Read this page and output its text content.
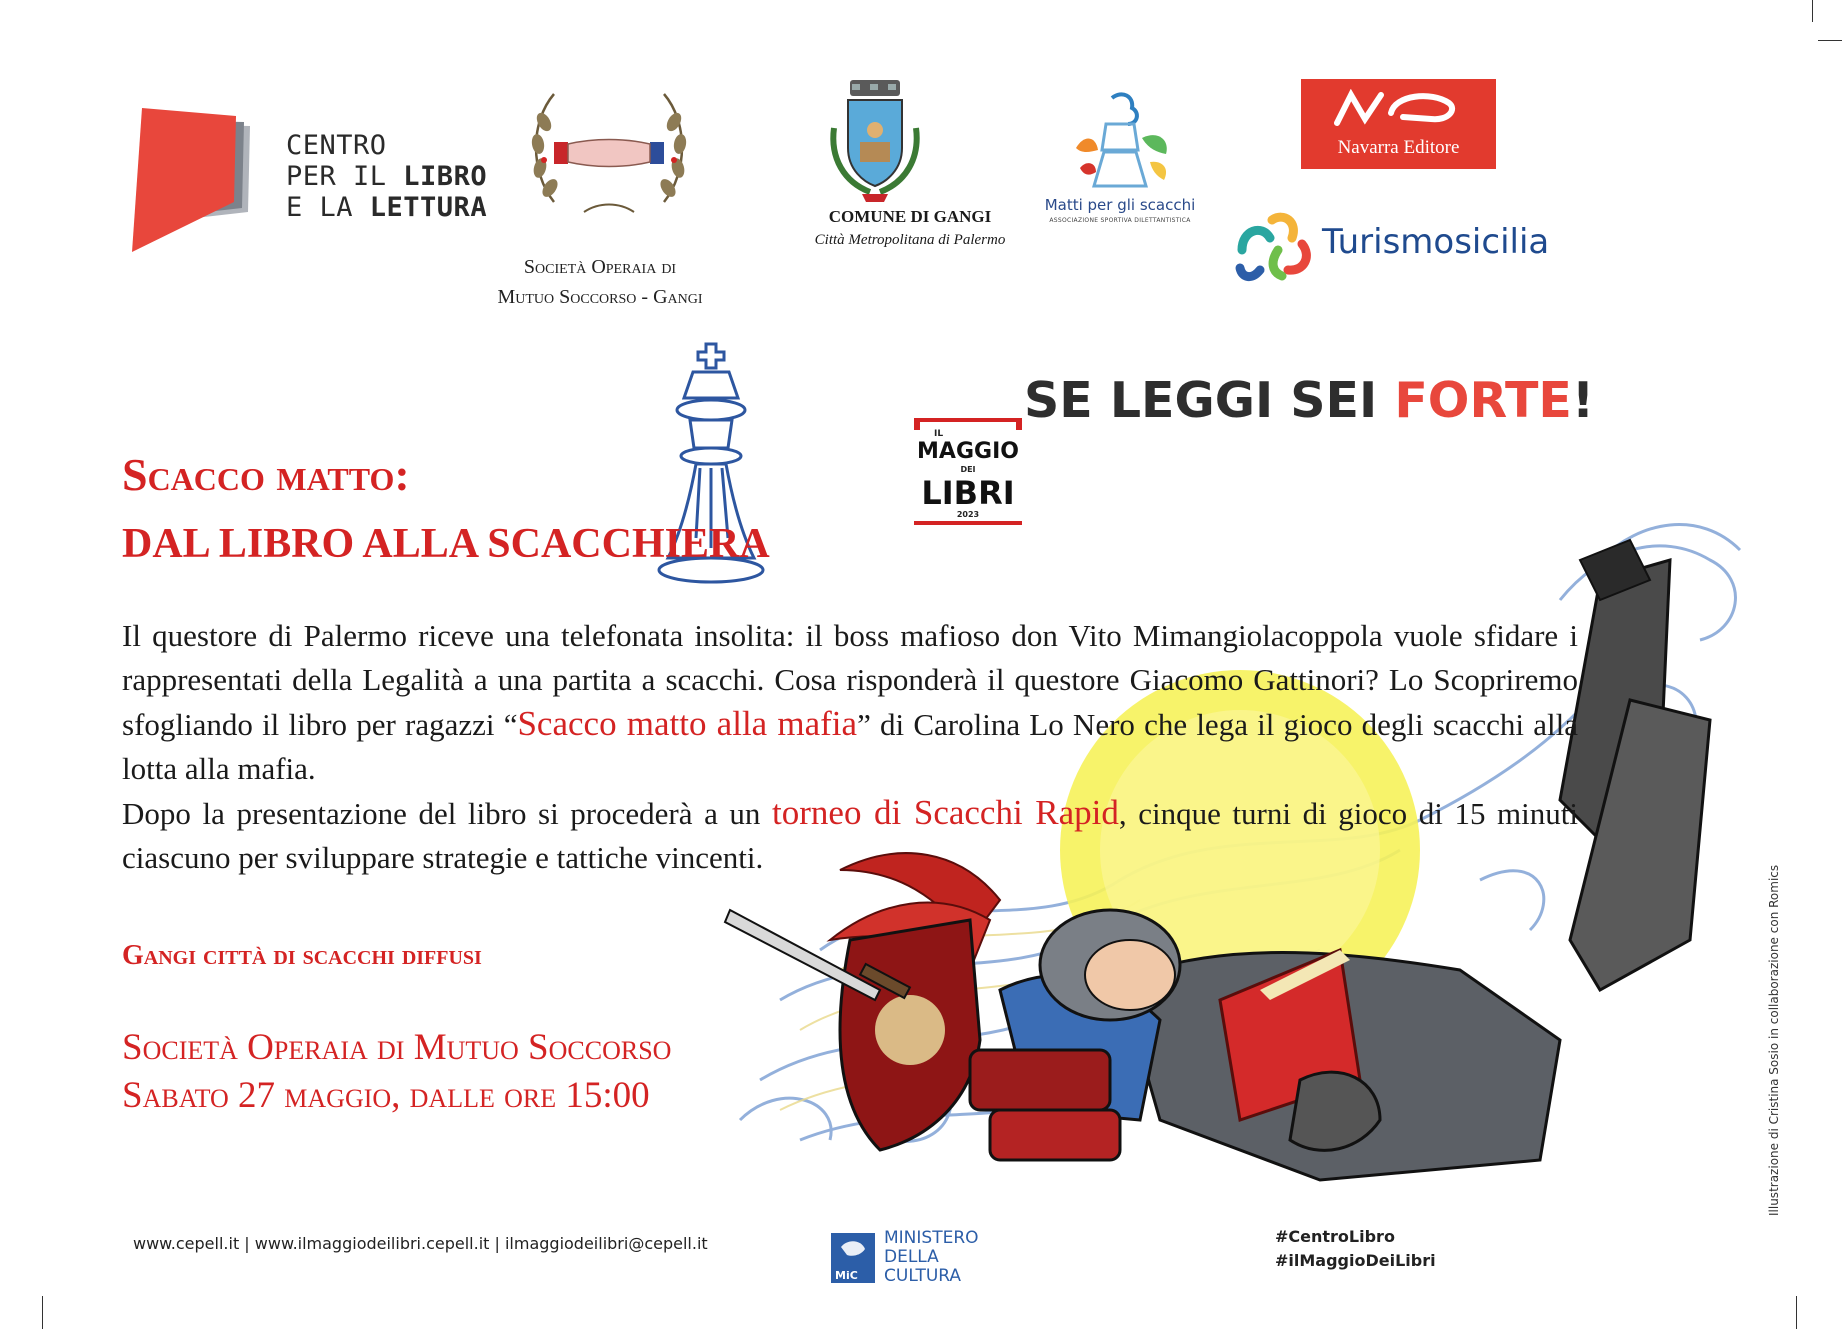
CENTRO
PER IL LIBRO
E LA LETTURA
Società Operaia di
Mutuo Soccorso - Gangi
COMUNE DI GANGI
Città Metropolitana di Palermo
Matti per gli scacchi
ASSOCIAZIONE SPORTIVA DILETTANTISTICA
Navarra Editore
Turismosicilia
SE LEGGI SEI FORTE!
IL
MAGGIO
DEI
LIBRI
2023
Scacco matto:
DAL LIBRO ALLA SCACCHIERA

Il questore di Palermo riceve una telefonata insolita: il boss mafioso don Vito Mimangiolacoppola vuole sfidare i rappresentati della Legalità a una partita a scacchi. Cosa risponderà il questore Giacomo Gattinori? Lo Scopriremo sfogliando il libro per ragazzi “Scacco matto alla mafia” di Carolina Lo Nero che lega il gioco degli scacchi alla lotta alla mafia.

Dopo la presentazione del libro si procederà a un torneo di Scacchi Rapid, cinque turni di gioco di 15 minuti ciascuno per sviluppare strategie e tattiche vincenti.

Gangi città di scacchi diffusi
Società Operaia di Mutuo Soccorso
Sabato 27 maggio, dalle ore 15:00
www.cepell.it | www.ilmaggiodeilibri.cepell.it | ilmaggiodeilibri@cepell.it
MiC
MINISTERO
DELLA
CULTURA
#CentroLibro
#ilMaggioDeiLibri
Illustrazione di Cristina Sosio in collaborazione con Romics
